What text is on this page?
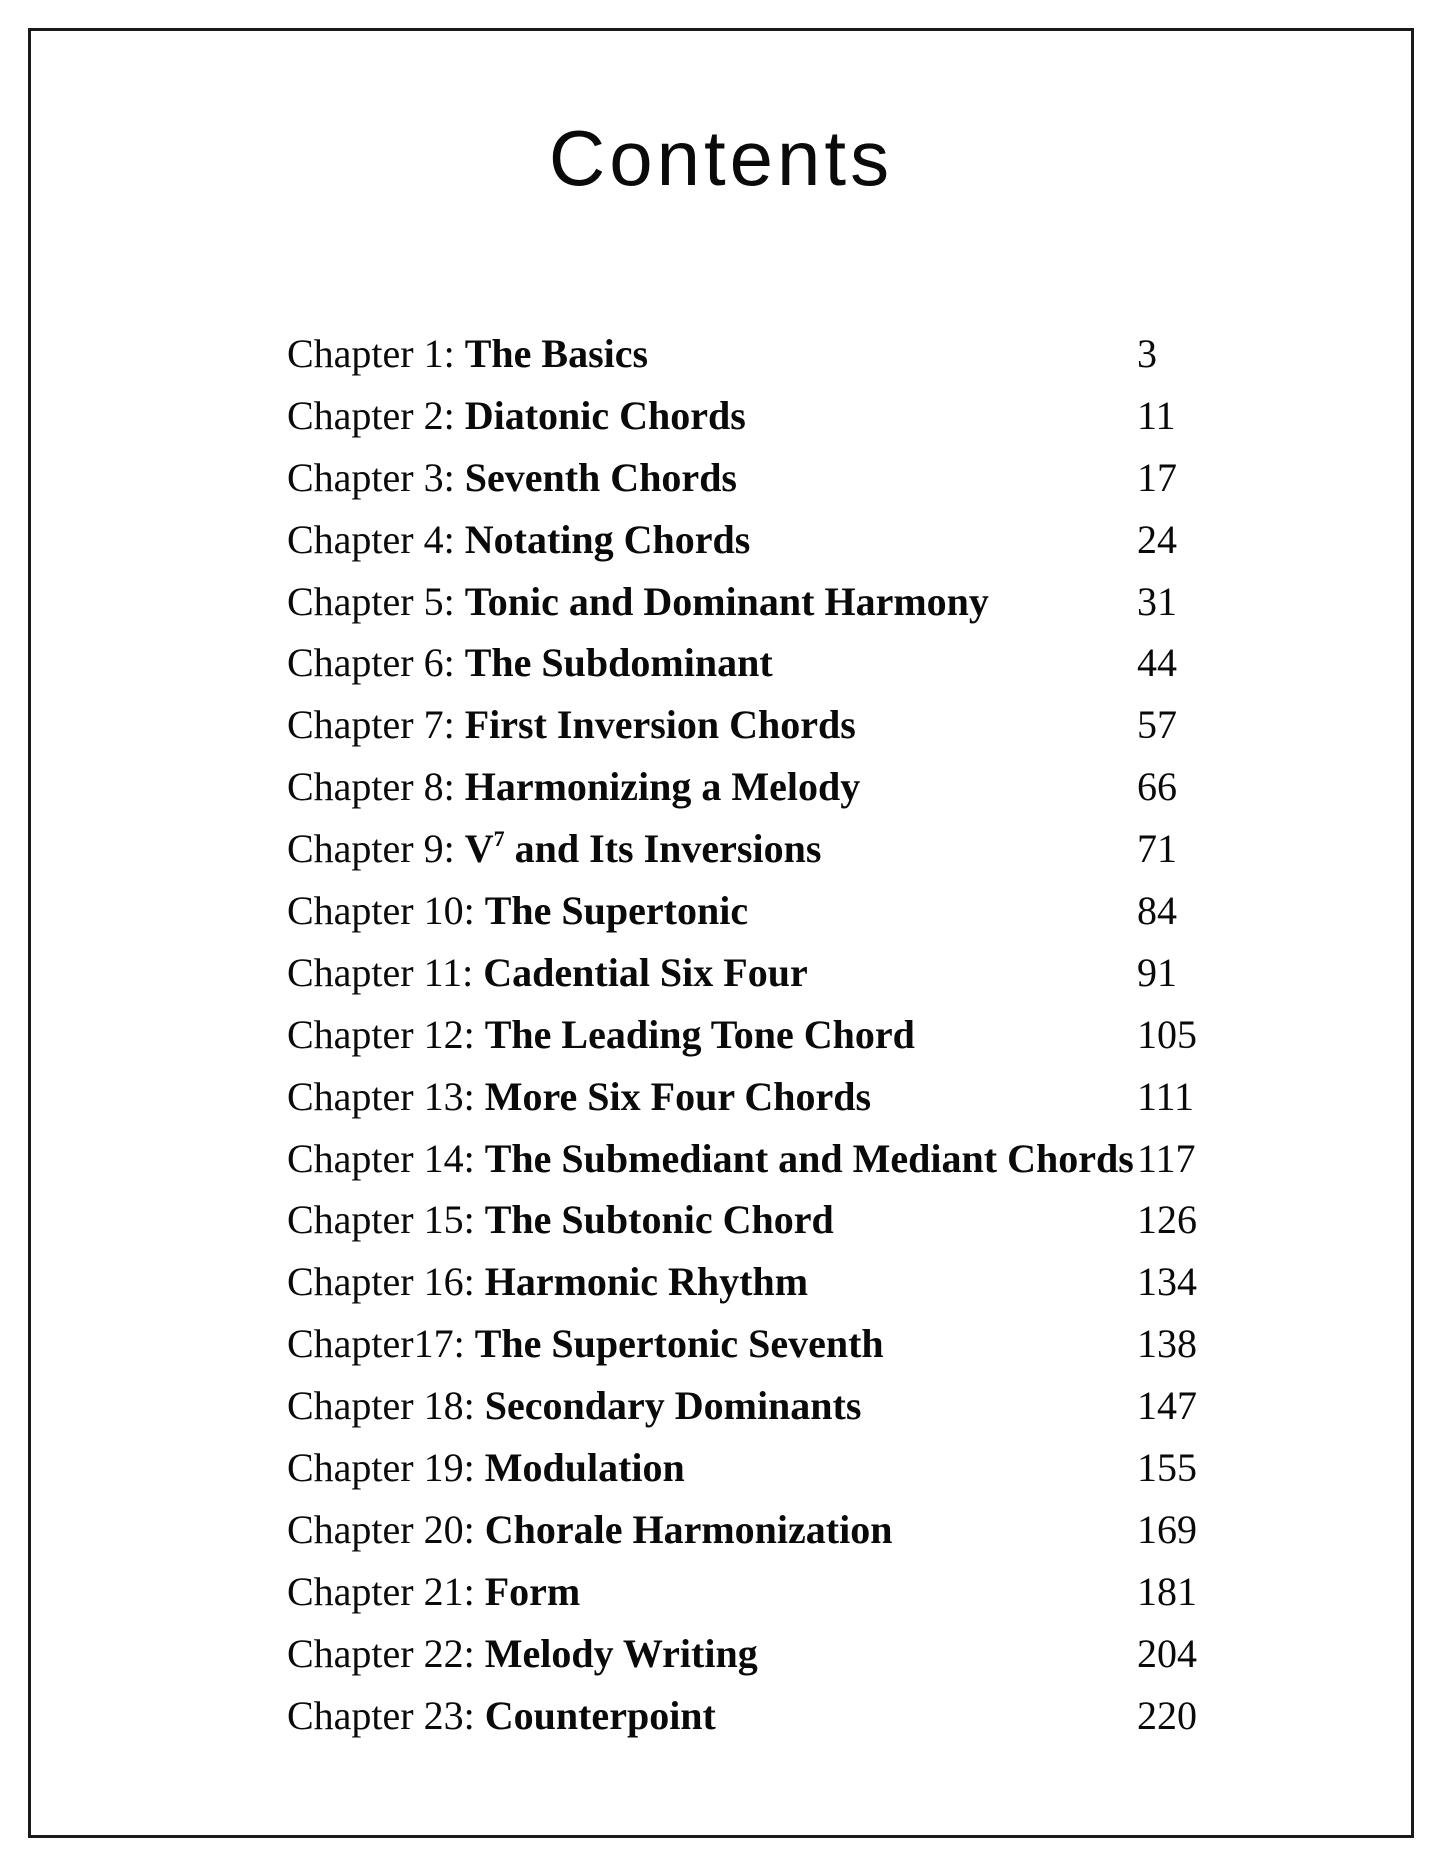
Contents
Chapter 1: The Basics	3
Chapter 2: Diatonic Chords	11
Chapter 3: Seventh Chords	17
Chapter 4: Notating Chords	24
Chapter 5: Tonic and Dominant Harmony	31
Chapter 6: The Subdominant	44
Chapter 7: First Inversion Chords	57
Chapter 8: Harmonizing a Melody	66
Chapter 9: $V^7$ and Its Inversions	71
Chapter 10: The Supertonic	84
Chapter 11: Cadential Six Four	91
Chapter 12: The Leading Tone Chord	105
Chapter 13: More Six Four Chords	111
Chapter 14: The Submediant and Mediant Chords 117
Chapter 15: The Subtonic Chord	126
Chapter 16: Harmonic Rhythm	134
Chapter17: The Supertonic Seventh	138
Chapter 18: Secondary Dominants	147
Chapter 19: Modulation	155
Chapter 20: Chorale Harmonization	169
Chapter 21: Form	181
Chapter 22: Melody Writing	204
Chapter 23: Counterpoint	220
